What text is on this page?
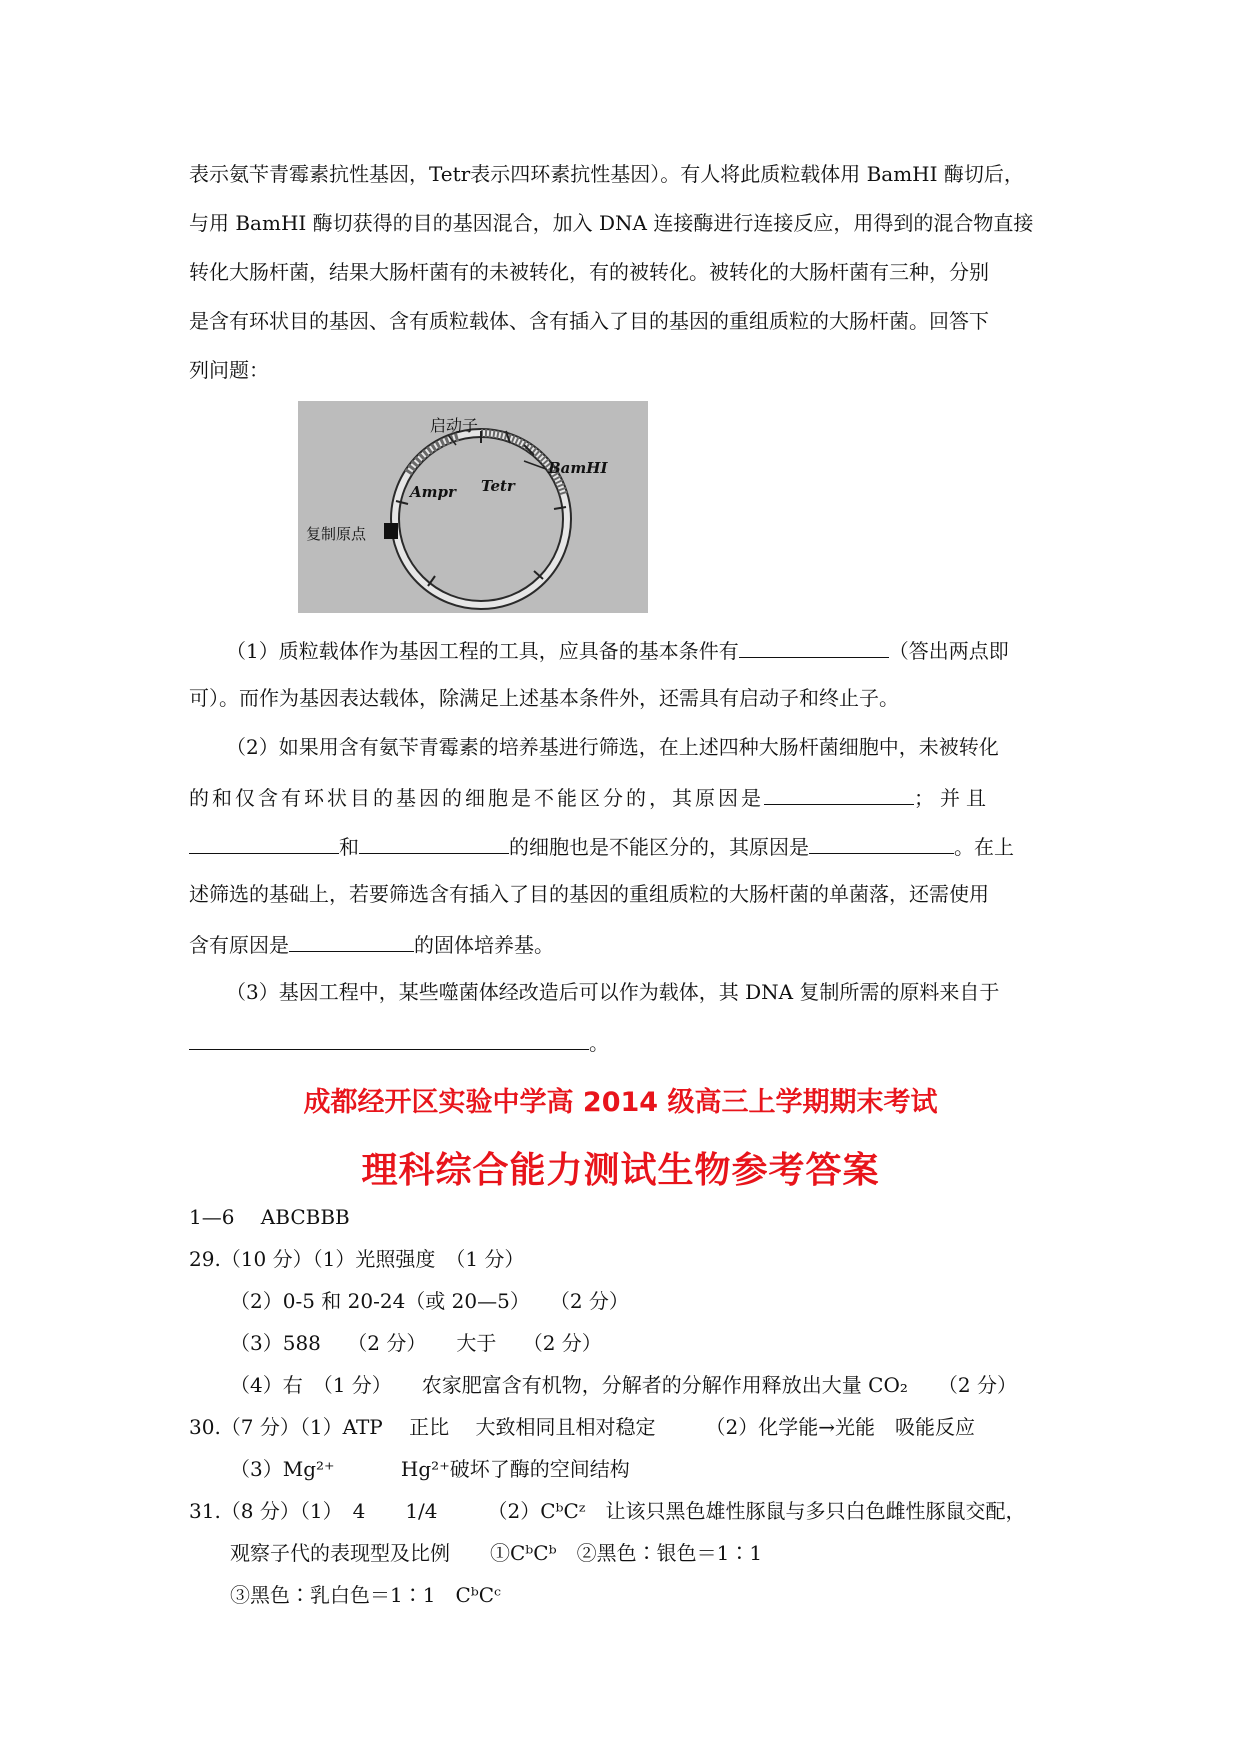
表示氨苄青霉素抗性基因，Tetr表示四环素抗性基因）。有人将此质粒载体用 BamHI 酶切后，
与用 BamHI 酶切获得的目的基因混合，加入 DNA 连接酶进行连接反应，用得到的混合物直接
转化大肠杆菌，结果大肠杆菌有的未被转化，有的被转化。被转化的大肠杆菌有三种，分别
是含有环状目的基因、含有质粒载体、含有插入了目的基因的重组质粒的大肠杆菌。回答下
列问题：
启动子
BamHⅠ
Ampr Tetr
复制原点
（1）质粒载体作为基因工程的工具，应具备的基本条件有	（答出两点即
可）。而作为基因表达载体，除满足上述基本条件外，还需具有启动子和终止子。
（2）如果用含有氨苄青霉素的培养基进行筛选，在上述四种大肠杆菌细胞中，未被转化
的和仅含有环状目的基因的细胞是不能区分的，其原因是	；并且
和	的细胞也是不能区分的，其原因是	。在上
述筛选的基础上，若要筛选含有插入了目的基因的重组质粒的大肠杆菌的单菌落，还需使用
含有原因是	的固体培养基。
（3）基因工程中，某些噬菌体经改造后可以作为载体，其 DNA 复制所需的原料来自于
。
成都经开区实验中学高 2014 级高三上学期期末考试
理科综合能力测试生物参考答案
1—6　 ABCBBB
29.（10 分）（1）光照强度　（1 分）
（2）0-5 和 20-24（或 20—5）　　（2 分）
（3）588　 （2 分）　　大于　 （2 分）
（4）右　（1 分）　　农家肥富含有机物，分解者的分解作用释放出大量 CO₂　　（2 分）
30.（7 分）（1）ATP　 正比　 大致相同且相对稳定　　　（2）化学能→光能　吸能反应
（3）Mg²⁺　　　 Hg²⁺破坏了酶的空间结构
31.（8 分）（1）　4　　1/4　　　（2）CᵇCᶻ　让该只黑色雄性豚鼠与多只白色雌性豚鼠交配，
观察子代的表现型及比例　　①CᵇCᵇ　②黑色∶银色＝1∶1
③黑色∶乳白色＝1∶1　CᵇCᶜ
